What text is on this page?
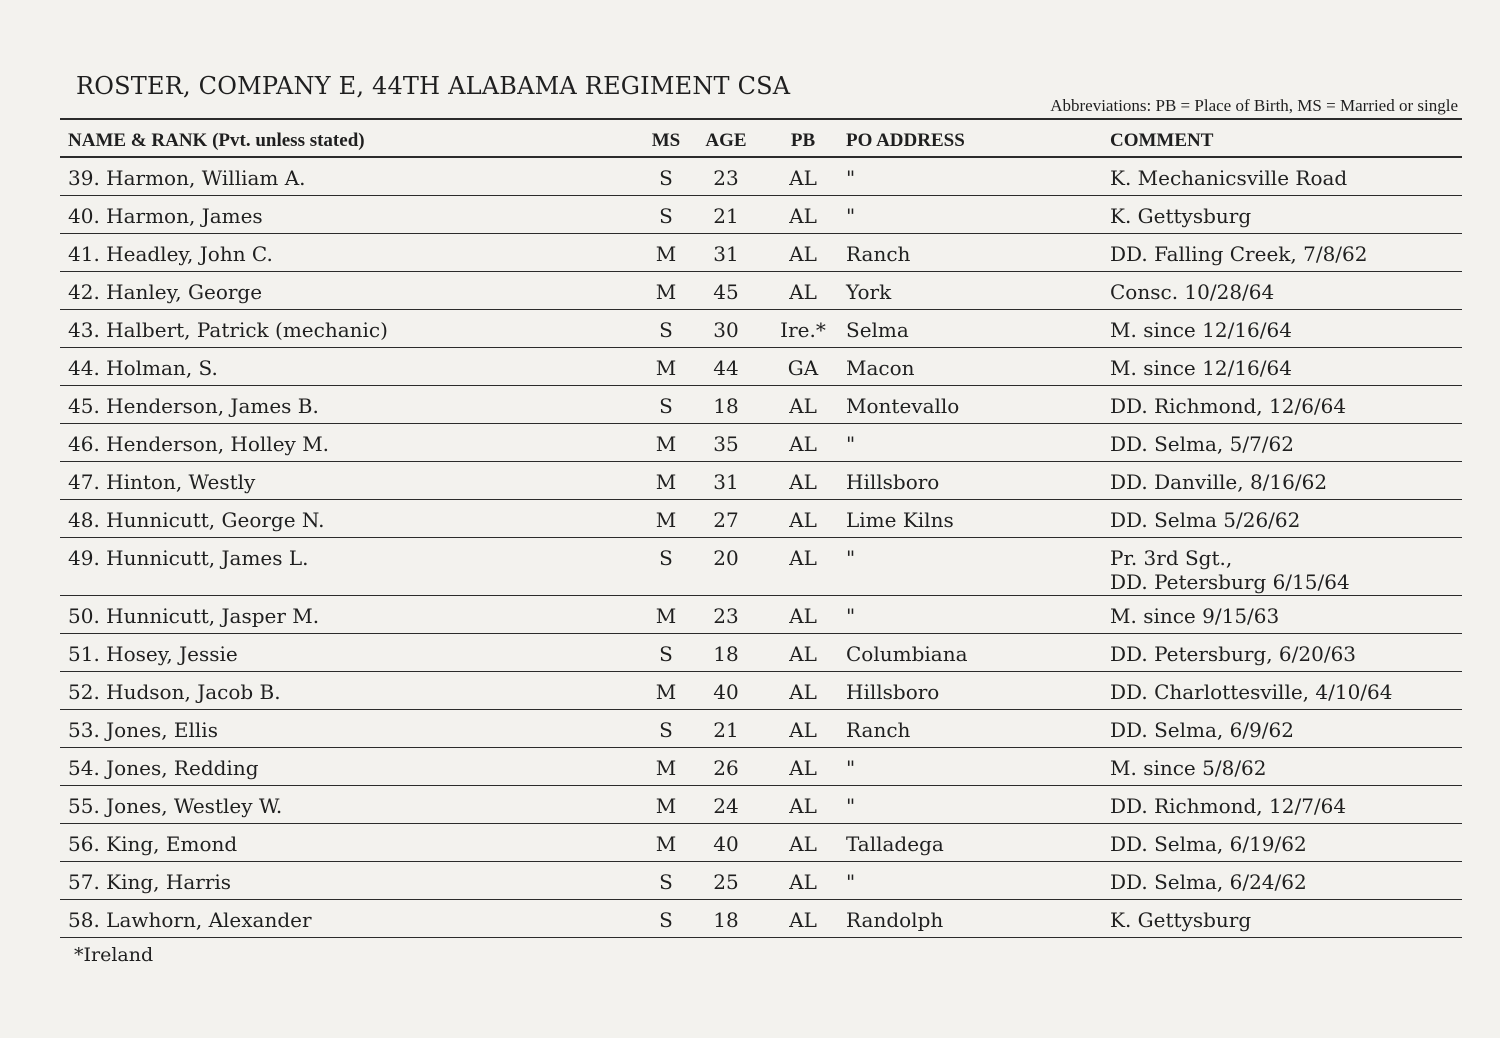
ROSTER, COMPANY E, 44TH ALABAMA REGIMENT CSA
Abbreviations: PB = Place of Birth, MS = Married or single
NAME & RANK (Pvt. unless stated)	MS	AGE	PB	PO ADDRESS	COMMENT
39. Harmon, William A.	S	23	AL	"	K. Mechanicsville Road
40. Harmon, James	S	21	AL	"	K. Gettysburg
41. Headley, John C.	M	31	AL	Ranch	DD. Falling Creek, 7/8/62
42. Hanley, George	M	45	AL	York	Consc. 10/28/64
43. Halbert, Patrick (mechanic)	S	30	Ire.*	Selma	M. since 12/16/64
44. Holman, S.	M	44	GA	Macon	M. since 12/16/64
45. Henderson, James B.	S	18	AL	Montevallo	DD. Richmond, 12/6/64
46. Henderson, Holley M.	M	35	AL	"	DD. Selma, 5/7/62
47. Hinton, Westly	M	31	AL	Hillsboro	DD. Danville, 8/16/62
48. Hunnicutt, George N.	M	27	AL	Lime Kilns	DD. Selma 5/26/62
49. Hunnicutt, James L.	S	20	AL	"	Pr. 3rd Sgt.,
DD. Petersburg 6/15/64
50. Hunnicutt, Jasper M.	M	23	AL	"	M. since 9/15/63
51. Hosey, Jessie	S	18	AL	Columbiana	DD. Petersburg, 6/20/63
52. Hudson, Jacob B.	M	40	AL	Hillsboro	DD. Charlottesville, 4/10/64
53. Jones, Ellis	S	21	AL	Ranch	DD. Selma, 6/9/62
54. Jones, Redding	M	26	AL	"	M. since 5/8/62
55. Jones, Westley W.	M	24	AL	"	DD. Richmond, 12/7/64
56. King, Emond	M	40	AL	Talladega	DD. Selma, 6/19/62
57. King, Harris	S	25	AL	"	DD. Selma, 6/24/62
58. Lawhorn, Alexander	S	18	AL	Randolph	K. Gettysburg
*Ireland
